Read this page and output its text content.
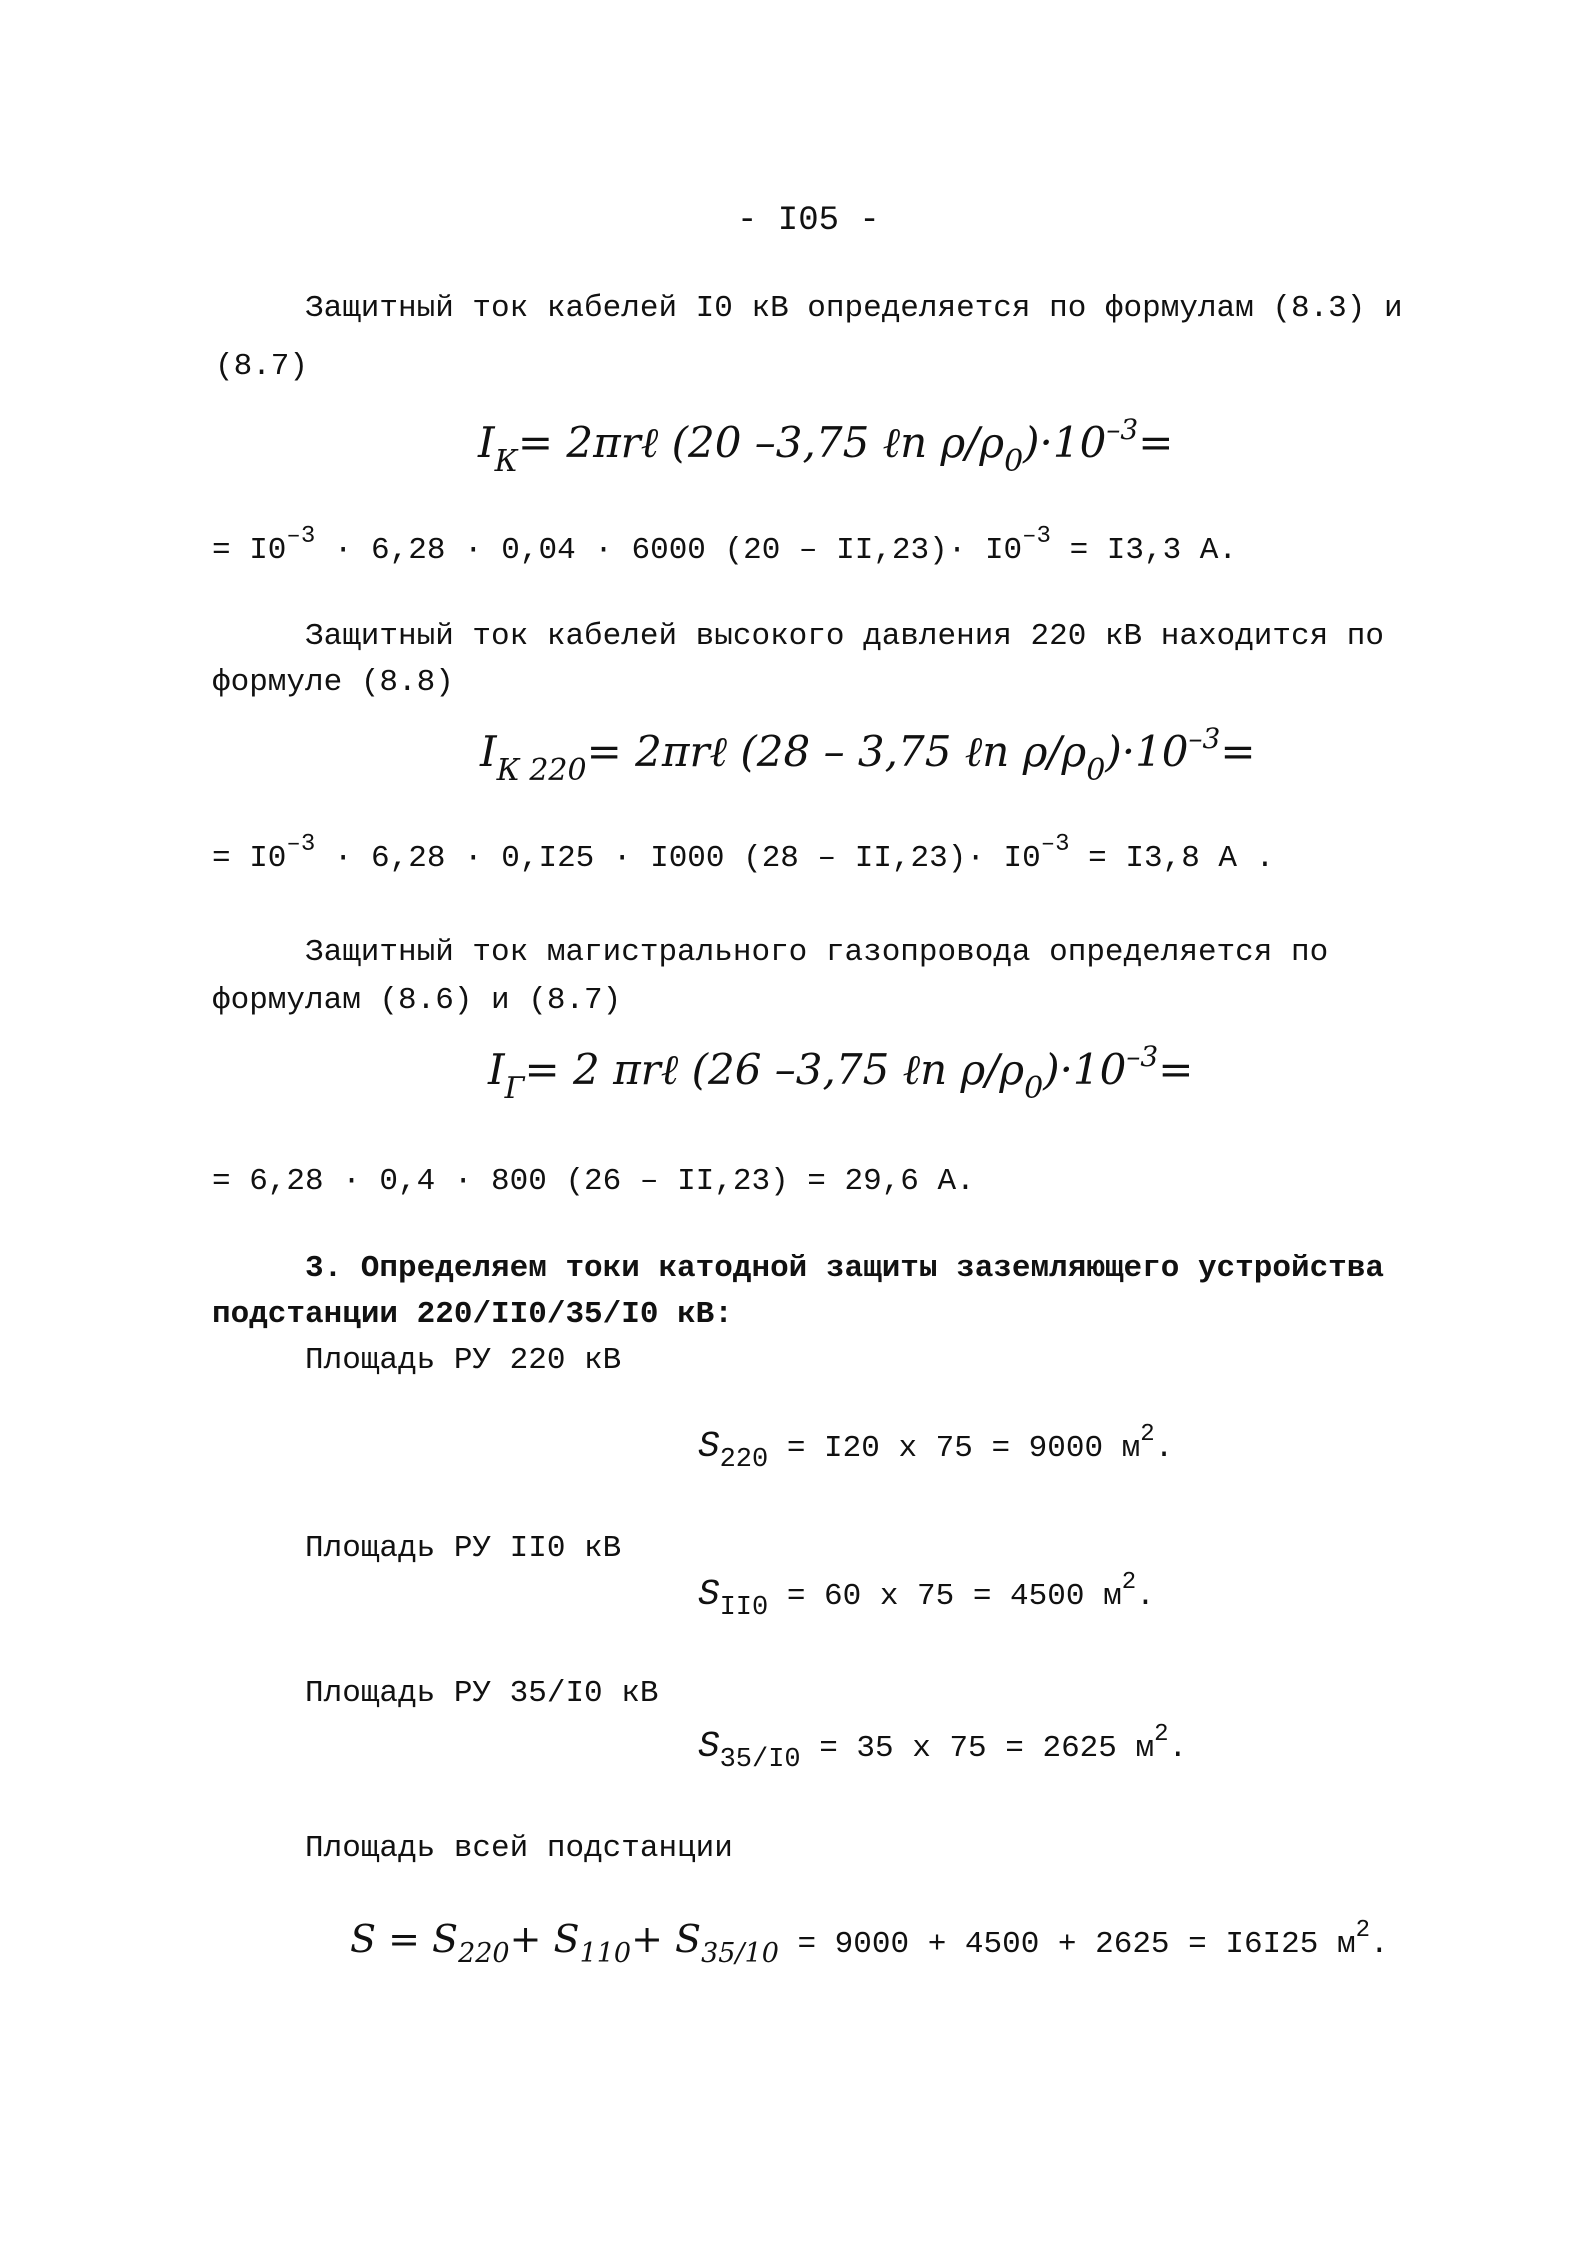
- I05 -
Защитный ток кабелей I0 кВ определяется по формулам (8.3) и
(8.7)
$I_К=$ 2πrℓ (20 –3,75 ℓn $\rho/\rho_0)\cdot 10^{-3}=$
= $I0^{-3} \cdot 6,28 \cdot 0,04 \cdot 6000$ $(20 - II,23)\cdot I0^{-3} = I3,3$ А.
Защитный ток кабелей высокого давления 220 кВ находится по
формуле (8.8)
$I_{К 220}=$ 2πrℓ (28 – 3,75 ℓn $\rho/\rho_0)\cdot 10^{-3}=$
= $I0^{-3} \cdot 6,28 \cdot 0,I25 \cdot I000$ $(28 - II,23)\cdot I0^{-3} = I3,8$ А .
Защитный ток магистрального газопровода определяется по
формулам (8.6) и (8.7)
$I_Г= 2$ πrℓ (26 –3,75 ℓn $\rho/\rho_0)\cdot 10^{-3}=$
= 6,28 · 0,4 · 800 (26 – II,23) = 29,6 А.
3. Определяем токи катодной защиты заземляющего устройства
подстанции 220/II0/35/I0 кВ:
Площадь РУ 220 кВ
S220 = I20 x 75 = 9000 $м^2$.
Площадь РУ II0 кВ
SII0 = 60 x 75 = 4500 $м^2$.
Площадь РУ 35/I0 кВ
S35/I0 = 35 x 75 = 2625 $м^2$.
Площадь всей подстанции
S = S220+ S110+ S35/10 = 9000 + 4500 + 2625 = I6I25 $м^2$.
